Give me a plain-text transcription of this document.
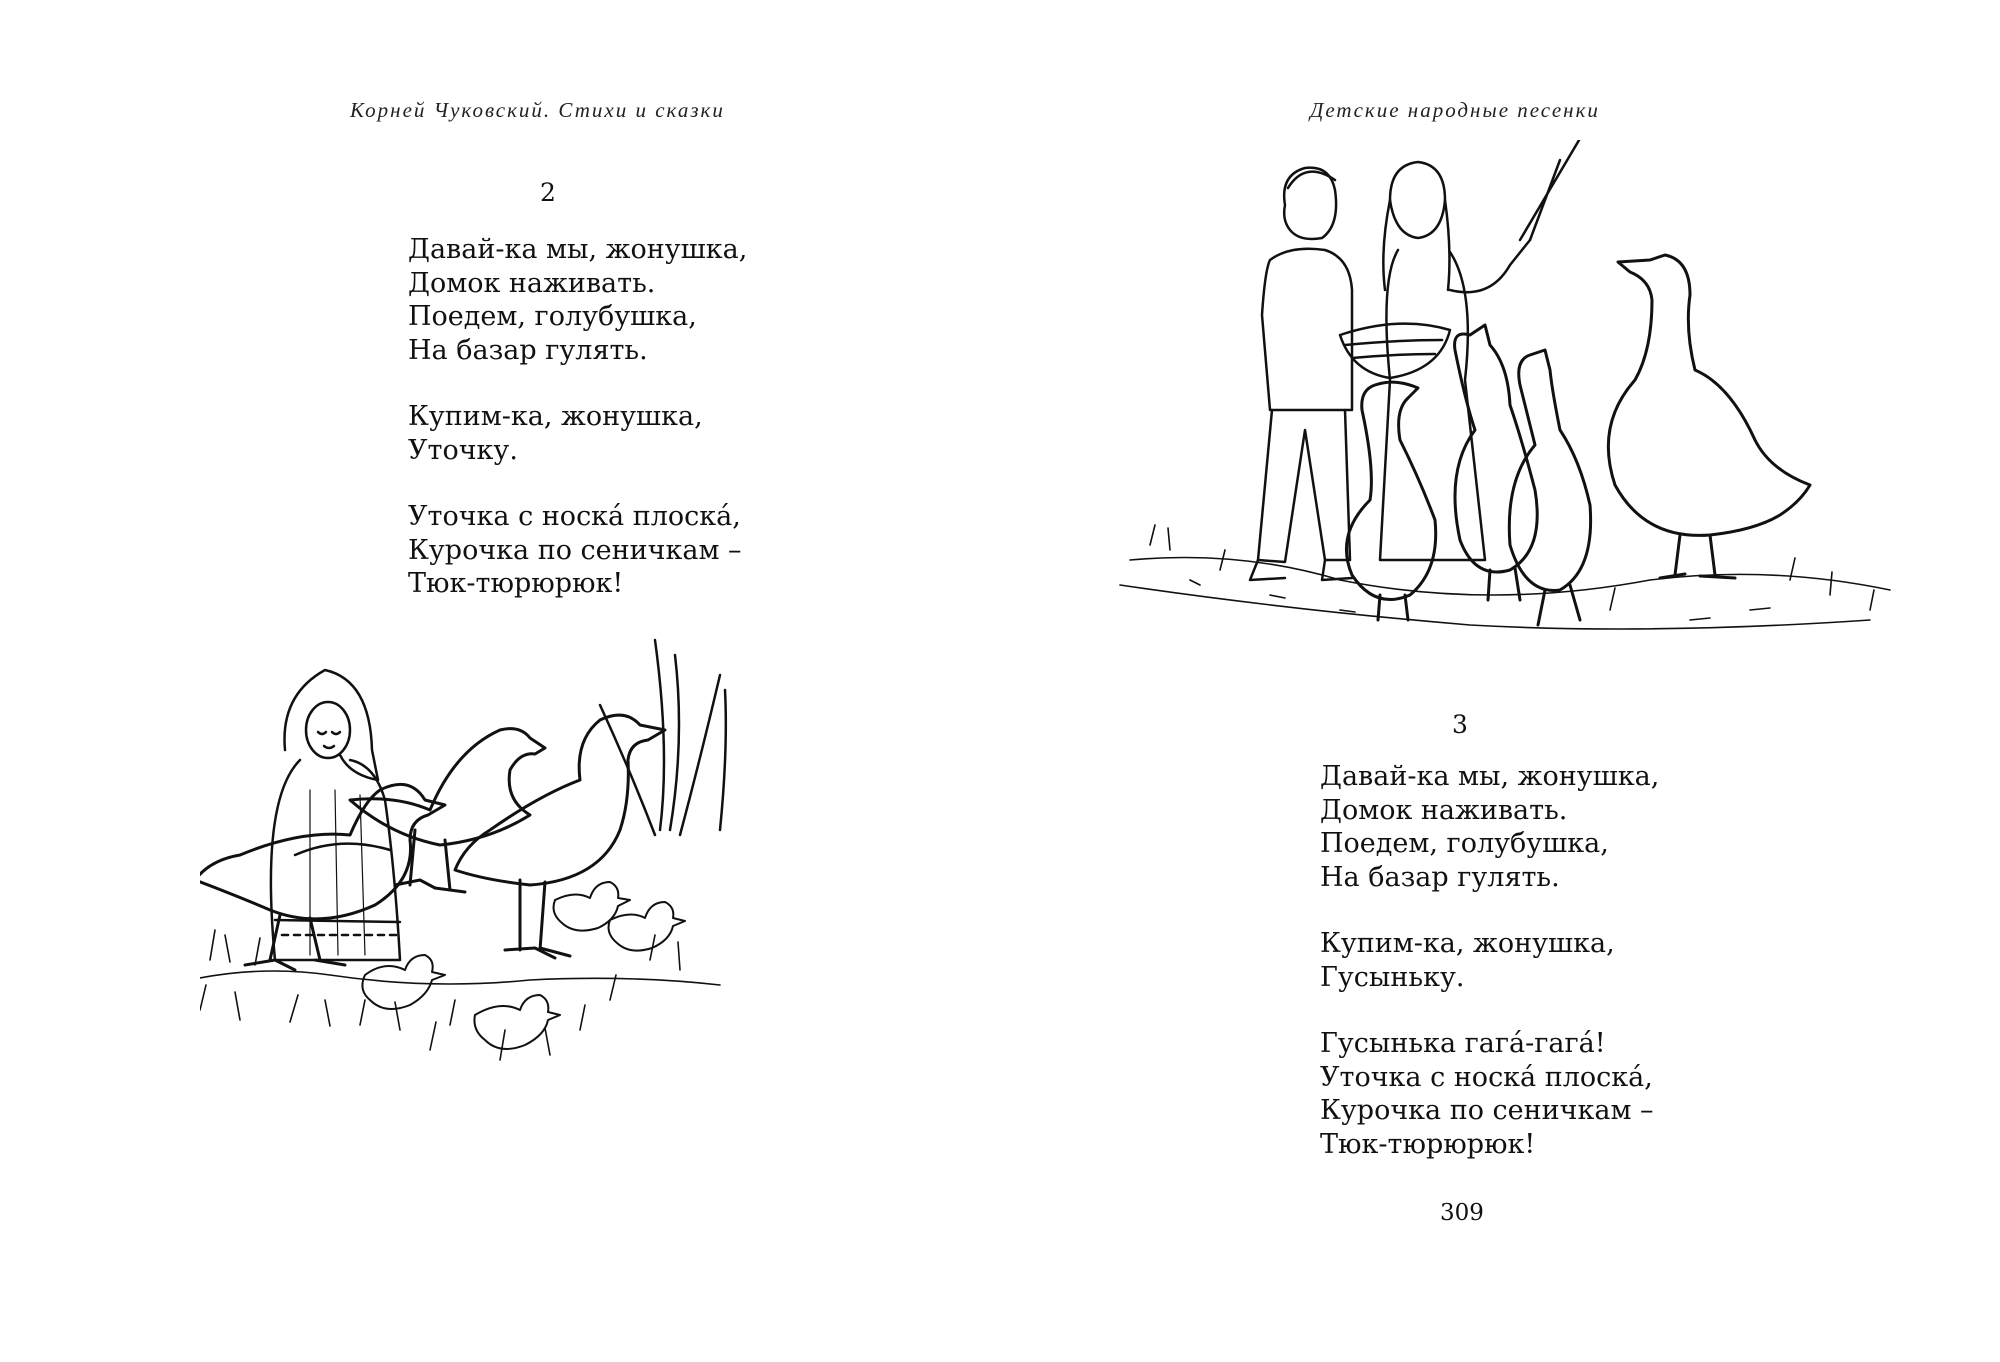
Корней Чуковский. Стихи и сказки
2
Давай-ка мы, жонушка,
Домок наживать.
Поедем, голубушка,
На базар гулять.
Купим-ка, жонушка,
Уточку.
Уточка с носка́ плоска́,
Курочка по сеничкам –
Тюк-тюрюрюк!
Детские народные песенки
3
Давай-ка мы, жонушка,
Домок наживать.
Поедем, голубушка,
На базар гулять.
Купим-ка, жонушка,
Гусыньку.
Гусынька гага́-гага́!
Уточка с носка́ плоска́,
Курочка по сеничкам –
Тюк-тюрюрюк!
309
